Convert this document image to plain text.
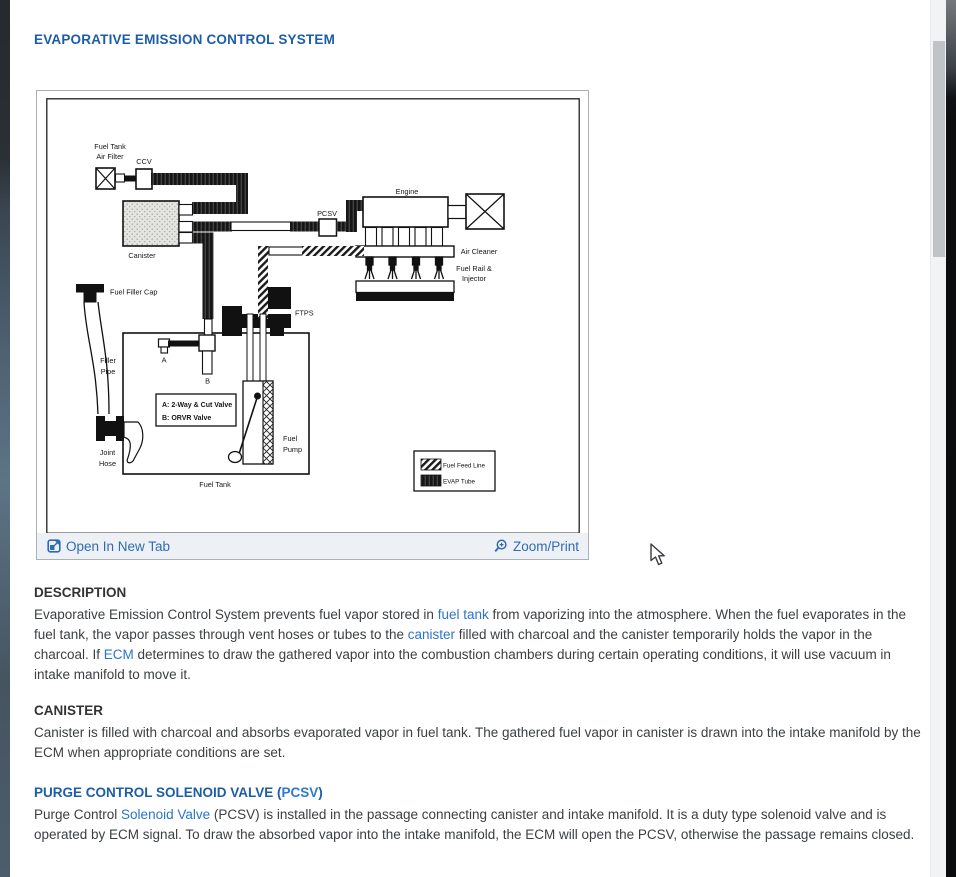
EVAPORATIVE EMISSION CONTROL SYSTEM
Fuel Tank
Air Filter
CCV
Canister
PCSV
Engine
Air Cleaner
Fuel Rail &
Injector
Fuel Tank
FTPS
A
B
A: 2-Way & Cut Valve
B: ORVR Valve
Fuel
Pump
Fuel Filler Cap
Filler
Pipe
Joint
Hose	Fuel Feed Line
EVAP Tube
Open In New Tab	Zoom/Print
DESCRIPTION

Evaporative Emission Control System prevents fuel vapor stored in fuel tank from vaporizing into the atmosphere. When the fuel evaporates in the fuel tank, the vapor passes through vent hoses or tubes to the canister filled with charcoal and the canister temporarily holds the vapor in the charcoal. If ECM determines to draw the gathered vapor into the combustion chambers during certain operating conditions, it will use vacuum in intake manifold to move it.

CANISTER

Canister is filled with charcoal and absorbs evaporated vapor in fuel tank. The gathered fuel vapor in canister is drawn into the intake manifold by the ECM when appropriate conditions are set.

PURGE CONTROL SOLENOID VALVE (PCSV)

Purge Control Solenoid Valve (PCSV) is installed in the passage connecting canister and intake manifold. It is a duty type solenoid valve and is operated by ECM signal. To draw the absorbed vapor into the intake manifold, the ECM will open the PCSV, otherwise the passage remains closed.
